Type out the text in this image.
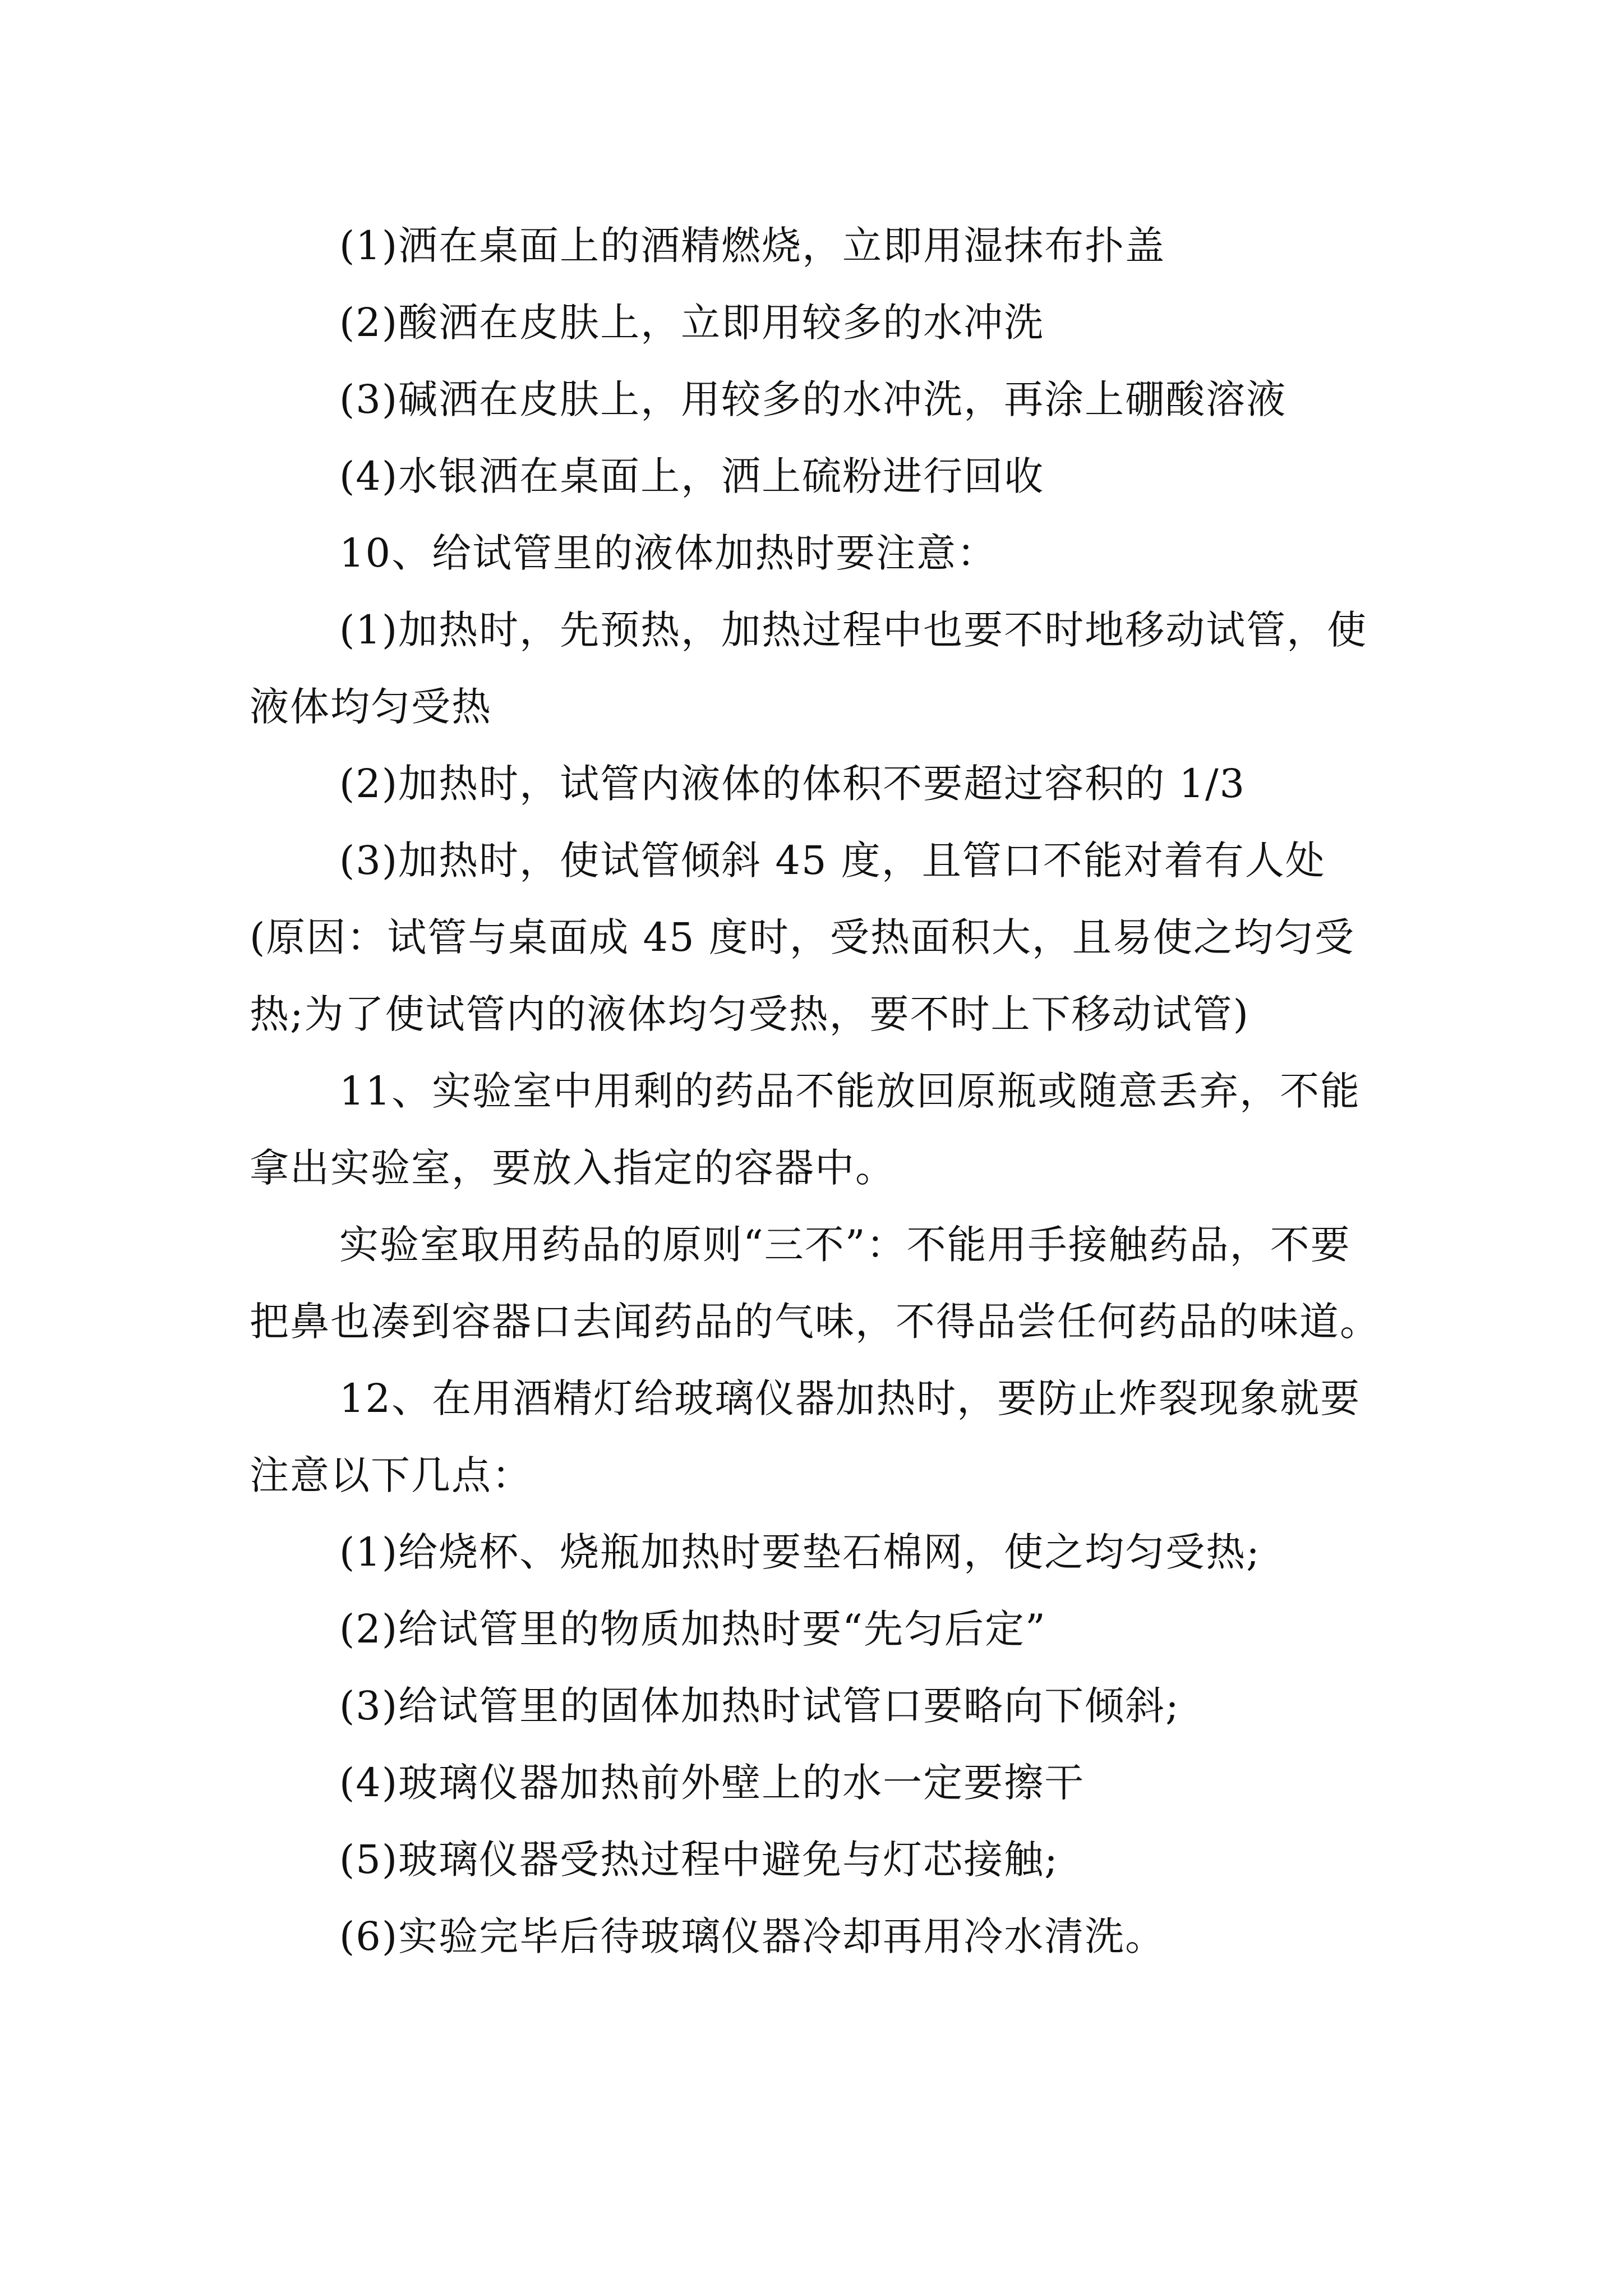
(1)洒在桌面上的酒精燃烧，立即用湿抹布扑盖

(2)酸洒在皮肤上，立即用较多的水冲洗

(3)碱洒在皮肤上，用较多的水冲洗，再涂上硼酸溶液

(4)水银洒在桌面上，洒上硫粉进行回收

10、给试管里的液体加热时要注意：

(1)加热时，先预热，加热过程中也要不时地移动试管，使液体均匀受热

(2)加热时，试管内液体的体积不要超过容积的 1/3

(3)加热时，使试管倾斜 45 度，且管口不能对着有人处(原因：试管与桌面成 45 度时，受热面积大，且易使之均匀受热;为了使试管内的液体均匀受热，要不时上下移动试管)

11、实验室中用剩的药品不能放回原瓶或随意丢弃，不能拿出实验室，要放入指定的容器中。

实验室取用药品的原则“三不”：不能用手接触药品，不要把鼻也凑到容器口去闻药品的气味，不得品尝任何药品的味道。

12、在用酒精灯给玻璃仪器加热时，要防止炸裂现象就要注意以下几点：

(1)给烧杯、烧瓶加热时要垫石棉网，使之均匀受热;

(2)给试管里的物质加热时要“先匀后定”

(3)给试管里的固体加热时试管口要略向下倾斜;

(4)玻璃仪器加热前外壁上的水一定要擦干

(5)玻璃仪器受热过程中避免与灯芯接触;

(6)实验完毕后待玻璃仪器冷却再用冷水清洗。
